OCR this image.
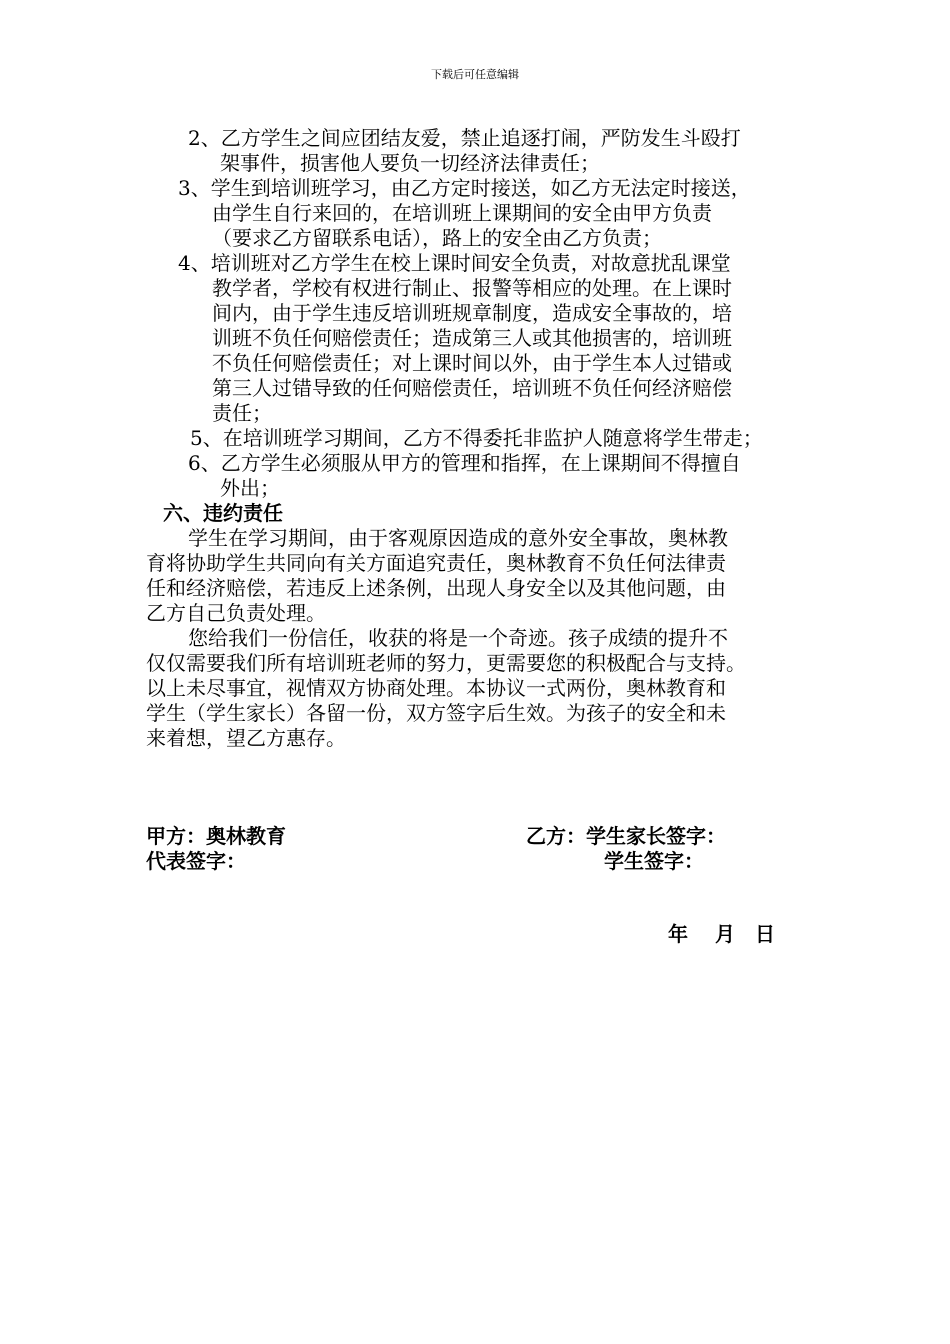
下载后可任意编辑
2、乙方学生之间应团结友爱，禁止追逐打闹，严防发生斗殴打
架事件，损害他人要负一切经济法律责任；
3、学生到培训班学习，由乙方定时接送，如乙方无法定时接送，
由学生自行来回的，在培训班上课期间的安全由甲方负责
（要求乙方留联系电话），路上的安全由乙方负责；
4、培训班对乙方学生在校上课时间安全负责，对故意扰乱课堂
教学者，学校有权进行制止、报警等相应的处理。在上课时
间内，由于学生违反培训班规章制度，造成安全事故的，培
训班不负任何赔偿责任；造成第三人或其他损害的，培训班
不负任何赔偿责任；对上课时间以外，由于学生本人过错或
第三人过错导致的任何赔偿责任，培训班不负任何经济赔偿
责任；
5、在培训班学习期间，乙方不得委托非监护人随意将学生带走；
6、乙方学生必须服从甲方的管理和指挥，在上课期间不得擅自
外出；
六、违约责任
学生在学习期间，由于客观原因造成的意外安全事故，奥林教
育将协助学生共同向有关方面追究责任，奥林教育不负任何法律责
任和经济赔偿，若违反上述条例，出现人身安全以及其他问题，由
乙方自己负责处理。
您给我们一份信任，收获的将是一个奇迹。孩子成绩的提升不
仅仅需要我们所有培训班老师的努力，更需要您的积极配合与支持。
以上未尽事宜，视情双方协商处理。本协议一式两份，奥林教育和
学生（学生家长）各留一份，双方签字后生效。为孩子的安全和未
来着想，望乙方惠存。
甲方：奥林教育	乙方：学生家长签字：
代表签字：	学生签字：
年　 月　日
